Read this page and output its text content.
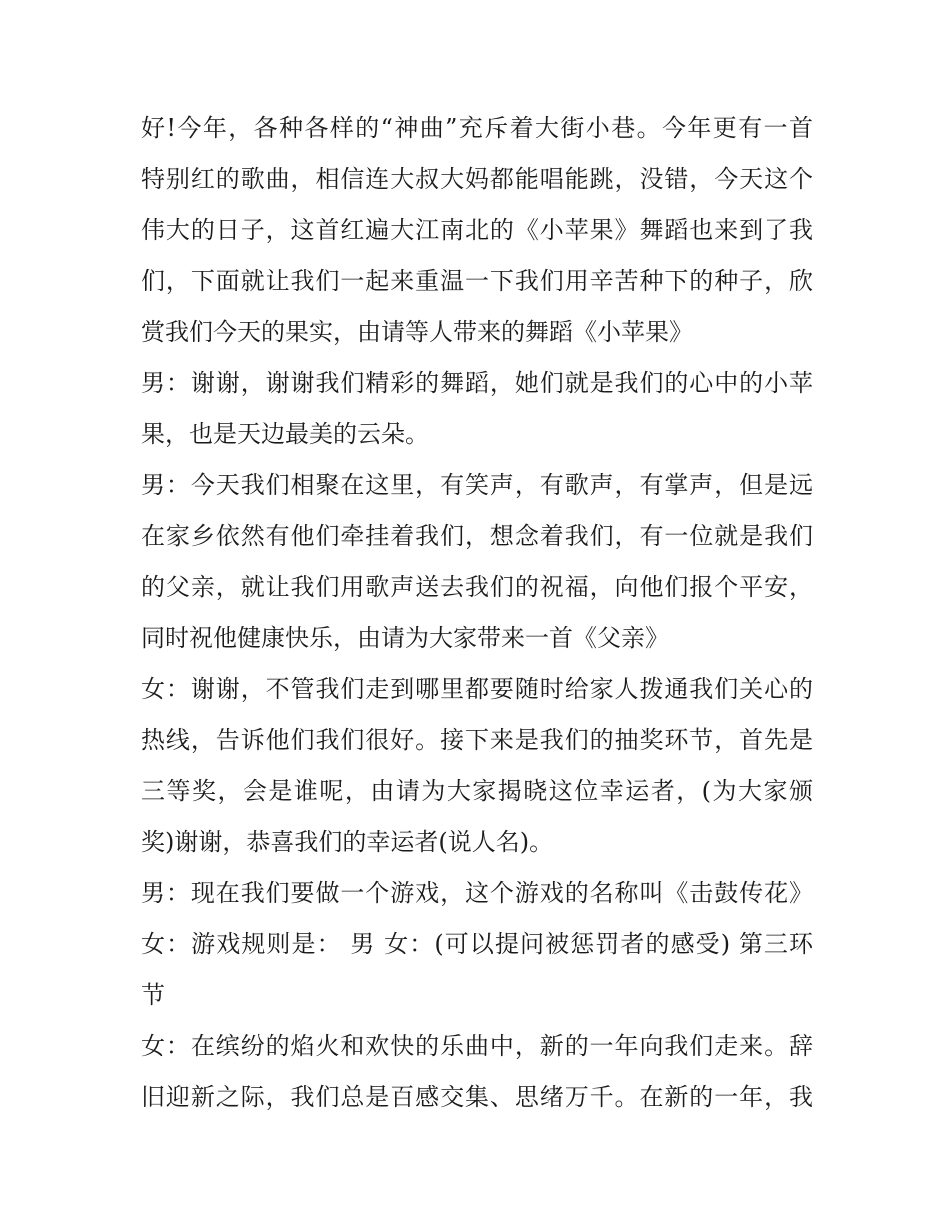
好!今年，各种各样的“神曲”充斥着大街小巷。今年更有一首
特别红的歌曲，相信连大叔大妈都能唱能跳，没错，今天这个
伟大的日子，这首红遍大江南北的《小苹果》舞蹈也来到了我
们，下面就让我们一起来重温一下我们用辛苦种下的种子，欣
赏我们今天的果实，由请等人带来的舞蹈《小苹果》
男：谢谢，谢谢我们精彩的舞蹈，她们就是我们的心中的小苹
果，也是天边最美的云朵。
男：今天我们相聚在这里，有笑声，有歌声，有掌声，但是远
在家乡依然有他们牵挂着我们，想念着我们，有一位就是我们
的父亲，就让我们用歌声送去我们的祝福，向他们报个平安，
同时祝他健康快乐，由请为大家带来一首《父亲》
女：谢谢，不管我们走到哪里都要随时给家人拨通我们关心的
热线，告诉他们我们很好。接下来是我们的抽奖环节，首先是
三等奖，会是谁呢，由请为大家揭晓这位幸运者，(为大家颁
奖)谢谢，恭喜我们的幸运者(说人名)。
男：现在我们要做一个游戏，这个游戏的名称叫《击鼓传花》
女：游戏规则是： 男 女：(可以提问被惩罚者的感受) 第三环
节
女：在缤纷的焰火和欢快的乐曲中，新的一年向我们走来。辞
旧迎新之际，我们总是百感交集、思绪万千。在新的一年，我
